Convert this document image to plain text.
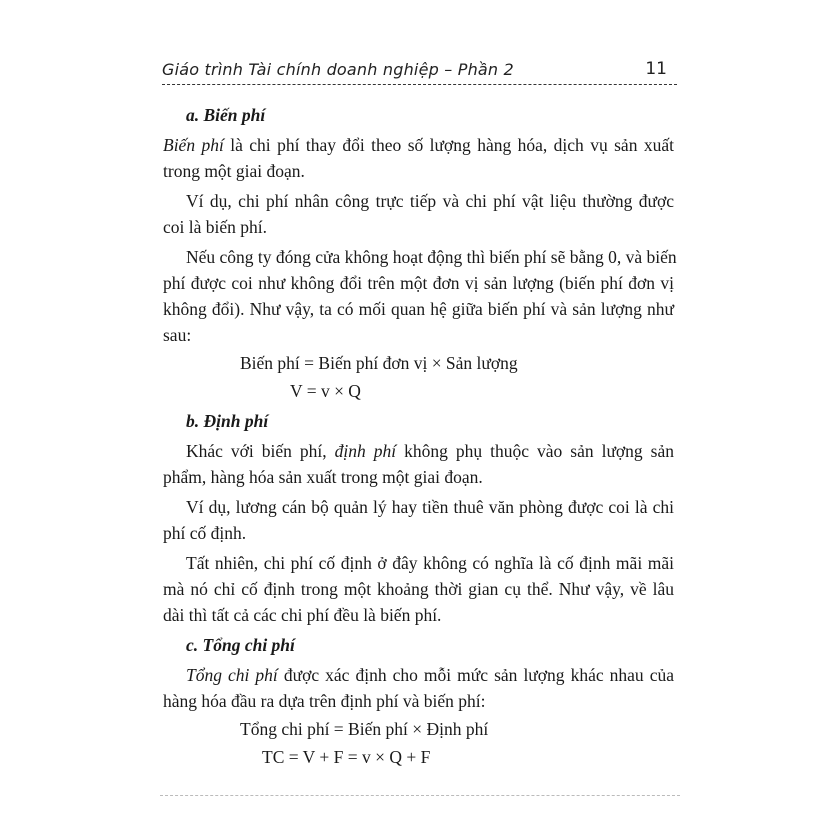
Giáo trình Tài chính doanh nghiệp – Phần 2	11
a. Biến phí
Biến phí là chi phí thay đổi theo số lượng hàng hóa, dịch vụ sản xuất
trong một giai đoạn.
Ví dụ, chi phí nhân công trực tiếp và chi phí vật liệu thường được
coi là biến phí.
Nếu công ty đóng cửa không hoạt động thì biến phí sẽ bằng 0, và biến
phí được coi như không đổi trên một đơn vị sản lượng (biến phí đơn vị
không đổi). Như vậy, ta có mối quan hệ giữa biến phí và sản lượng như
sau:
Biến phí = Biến phí đơn vị × Sản lượng
V = v × Q
b. Định phí
Khác với biến phí, định phí không phụ thuộc vào sản lượng sản
phẩm, hàng hóa sản xuất trong một giai đoạn.
Ví dụ, lương cán bộ quản lý hay tiền thuê văn phòng được coi là chi
phí cố định.
Tất nhiên, chi phí cố định ở đây không có nghĩa là cố định mãi mãi
mà nó chỉ cố định trong một khoảng thời gian cụ thể. Như vậy, về lâu
dài thì tất cả các chi phí đều là biến phí.
c. Tổng chi phí
Tổng chi phí được xác định cho mỗi mức sản lượng khác nhau của
hàng hóa đầu ra dựa trên định phí và biến phí:
Tổng chi phí = Biến phí × Định phí
TC = V + F = v × Q + F
